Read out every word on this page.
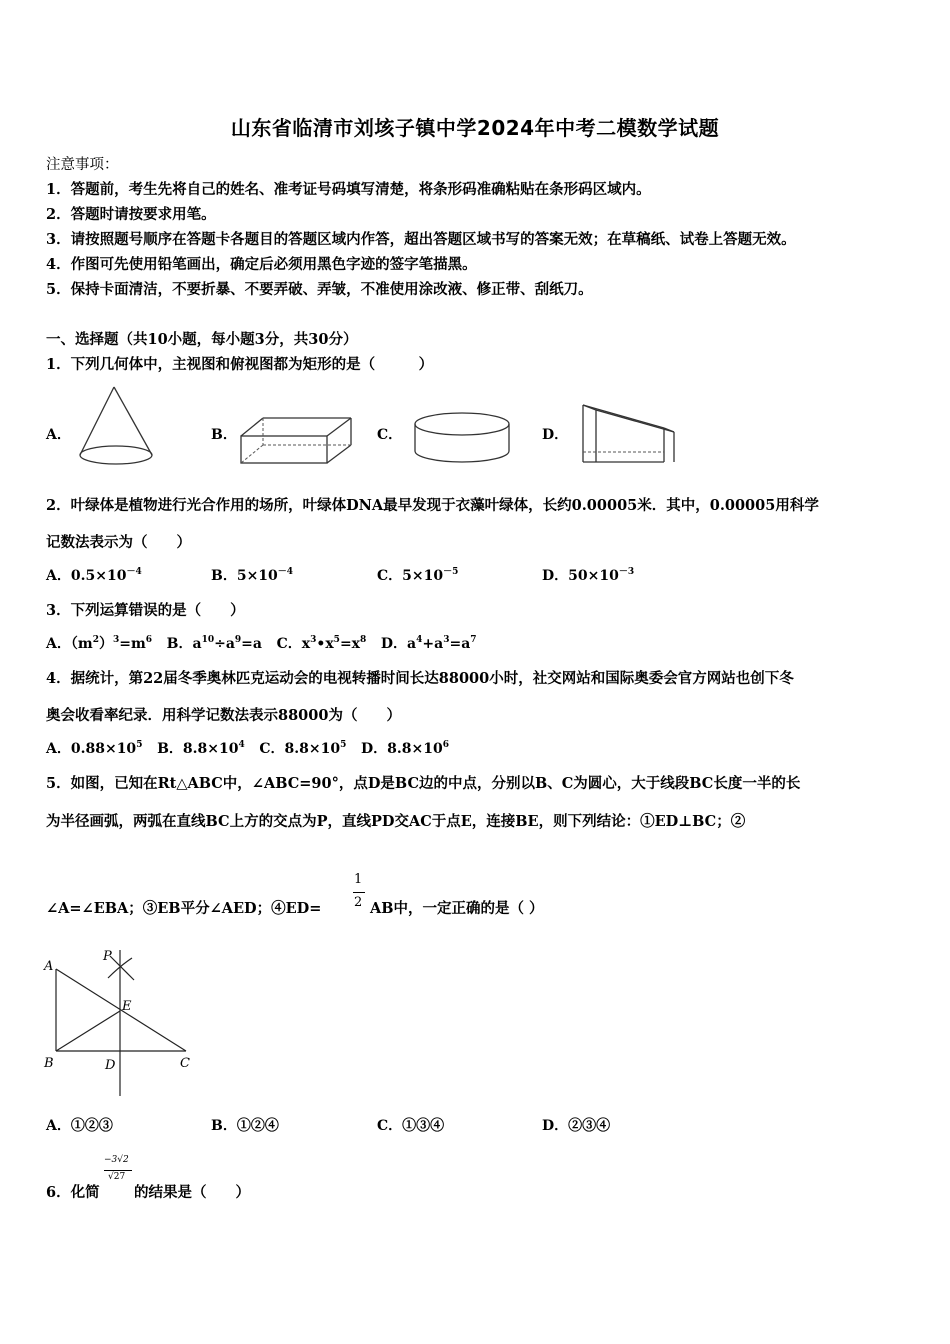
山东省临清市刘垓子镇中学2024年中考二模数学试题
注意事项：
1．答题前，考生先将自己的姓名、准考证号码填写清楚，将条形码准确粘贴在条形码区域内。
2．答题时请按要求用笔。
3．请按照题号顺序在答题卡各题目的答题区域内作答，超出答题区域书写的答案无效；在草稿纸、试卷上答题无效。
4．作图可先使用铅笔画出，确定后必须用黑色字迹的签字笔描黑。
5．保持卡面清洁，不要折暴、不要弄破、弄皱，不准使用涂改液、修正带、刮纸刀。
一、选择题（共10小题，每小题3分，共30分）
1．下列几何体中，主视图和俯视图都为矩形的是（　　　）
A．	B．	C．	D．
2．叶绿体是植物进行光合作用的场所，叶绿体DNA最早发现于衣藻叶绿体，长约0.00005米．其中，0.00005用科学
记数法表示为（　　）
A．$0.5\times 10^{-4}$	B．$5\times 10^{-4}$	C．$5\times 10^{-5}$	D．$50\times 10^{-3}$
3．下列运算错误的是（　　）
A．$(m^2)^3=m^6$ B．$a^{10}\div a^9=a$ C．$x^3•x^5=x^8$ D．$a^4+a^3=a^7$
4．据统计，第22届冬季奥林匹克运动会的电视转播时间长达88000小时，社交网站和国际奥委会官方网站也创下冬
奥会收看率纪录．用科学记数法表示88000为（　　）
A．$0.88\times 10^5$ B．$8.8\times 10^4$ C．$8.8\times 10^5$ D．$8.8\times 10^6$
5．如图，已知在Rt△ABC中，∠ABC=90°，点D是BC边的中点，分别以B、C为圆心，大于线段BC长度一半的长
为半径画弧，两弧在直线BC上方的交点为P，直线PD交AC于点E，连接BE，则下列结论：①ED⊥BC；②
∠A=∠EBA；③EB平分∠AED；④ED=
1
2 AB中，一定正确的是（ ）
A
P
E
B	D	C
A．①②③	B．①②④	C．①③④	D．②③④
6．化简
−3√2
√27
的结果是（　　）
